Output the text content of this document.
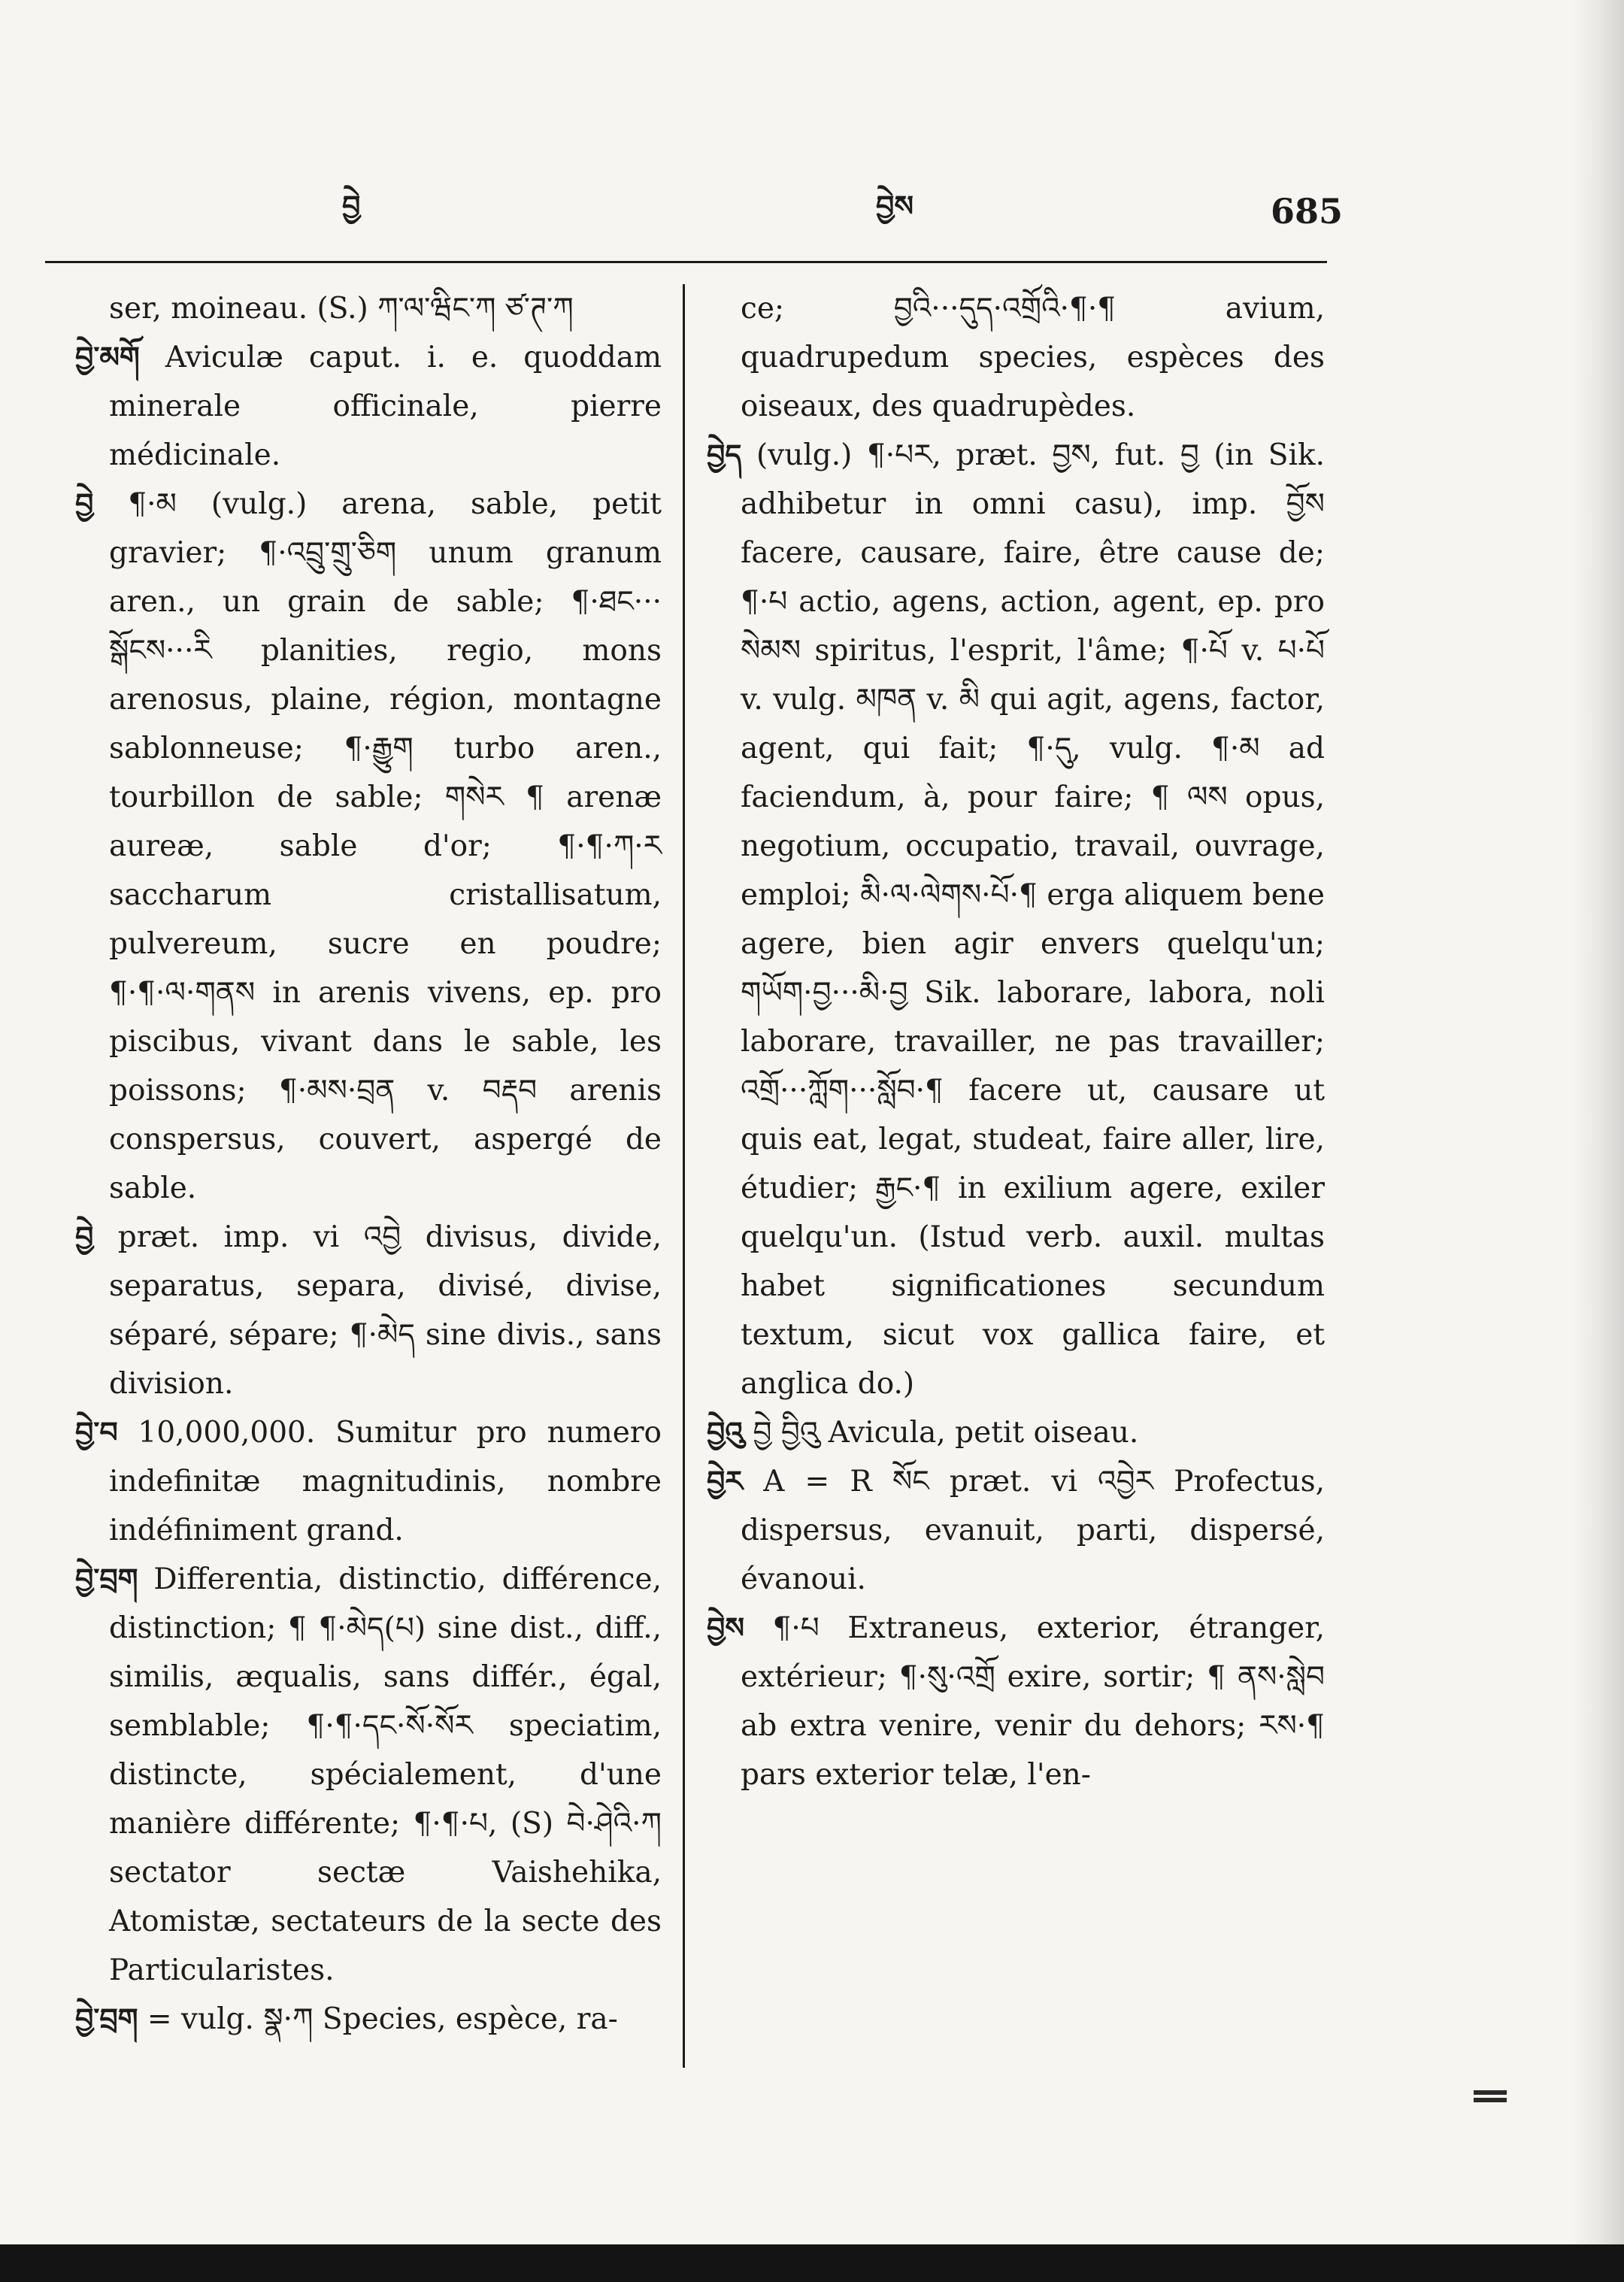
བྱེ	བྱེས	685

ser, moineau. (S.) ཀ་ལ་ཝིང་ཀ ཙ་ཊ་ཀ

བྱེ་མགོ Aviculæ caput. i. e. quoddam minerale officinale, pierre médicinale.

བྱེ ¶·མ (vulg.) arena, sable, petit gravier; ¶·འབྲུ་གྲུ་ཅིག unum granum aren., un grain de sable; ¶·ཐང··· སྒོངས···རི planities, regio, mons arenosus, plaine, région, montagne sablonneuse; ¶·རྒྱུག turbo aren., tourbillon de sable; གསེར ¶ arenæ aureæ, sable d'or; ¶·¶·ཀ·ར saccharum cristallisatum, pulvereum, sucre en poudre; ¶·¶·ལ·གནས in arenis vivens, ep. pro piscibus, vivant dans le sable, les poissons; ¶·མས·བྲན v. བརྡབ arenis conspersus, couvert, aspergé de sable.

བྱེ præt. imp. vi འབྱེ divisus, divide, separatus, separa, divisé, divise, séparé, sépare; ¶·མེད sine divis., sans division.

བྱེ་བ 10,000,000. Sumitur pro numero indefinitæ magnitudinis, nombre indéfiniment grand.

བྱེ་བྲག Differentia, distinctio, différence, distinction; ¶ ¶·མེད(པ) sine dist., diff., similis, æqualis, sans différ., égal, semblable; ¶·¶·དང·སོ·སོར speciatim, distincte, spécialement, d'une manière différente; ¶·¶·པ, (S) བེ·ཤེའི·ཀ sectator sectæ Vaishehika, Atomistæ, sectateurs de la secte des Particularistes.

བྱེ་བྲག = vulg. སྣ·ཀ Species, espèce, ra-

ce; བྱའི···དུད·འགྲོའི·¶·¶ avium, quadrupedum species, espèces des oiseaux, des quadrupèdes.

བྱེད (vulg.) ¶·པར, præt. བྱས, fut. བྱ (in Sik. adhibetur in omni casu), imp. བྱོས facere, causare, faire, être cause de; ¶·པ actio, agens, action, agent, ep. pro སེམས spiritus, l'esprit, l'âme; ¶·པོ v. པ·པོ v. vulg. མཁན v. མི qui agit, agens, factor, agent, qui fait; ¶·དུ, vulg. ¶·མ ad faciendum, à, pour faire; ¶ ལས opus, negotium, occupatio, travail, ouvrage, emploi; མི·ལ·ལེགས·པོ·¶ erga aliquem bene agere, bien agir envers quelqu'un; གཡོག·བྱ···མི·བྱ Sik. laborare, labora, noli laborare, travailler, ne pas travailler; འགྲོ···ཀློག···སློབ·¶ facere ut, causare ut quis eat, legat, studeat, faire aller, lire, étudier; རྒྱང·¶ in exilium agere, exiler quelqu'un. (Istud verb. auxil. multas habet significationes secundum textum, sicut vox gallica faire, et anglica do.)

བྱེའུ བྱེ བྱིའུ Avicula, petit oiseau.

བྱེར A = R སོང præt. vi འབྱེར Profectus, dispersus, evanuit, parti, dispersé, évanoui.

བྱེས ¶·པ Extraneus, exterior, étranger, extérieur; ¶·སུ·འགྲོ exire, sortir; ¶ ནས·སླེབ ab extra venire, venir du dehors; རས·¶ pars exterior telæ, l'en-
